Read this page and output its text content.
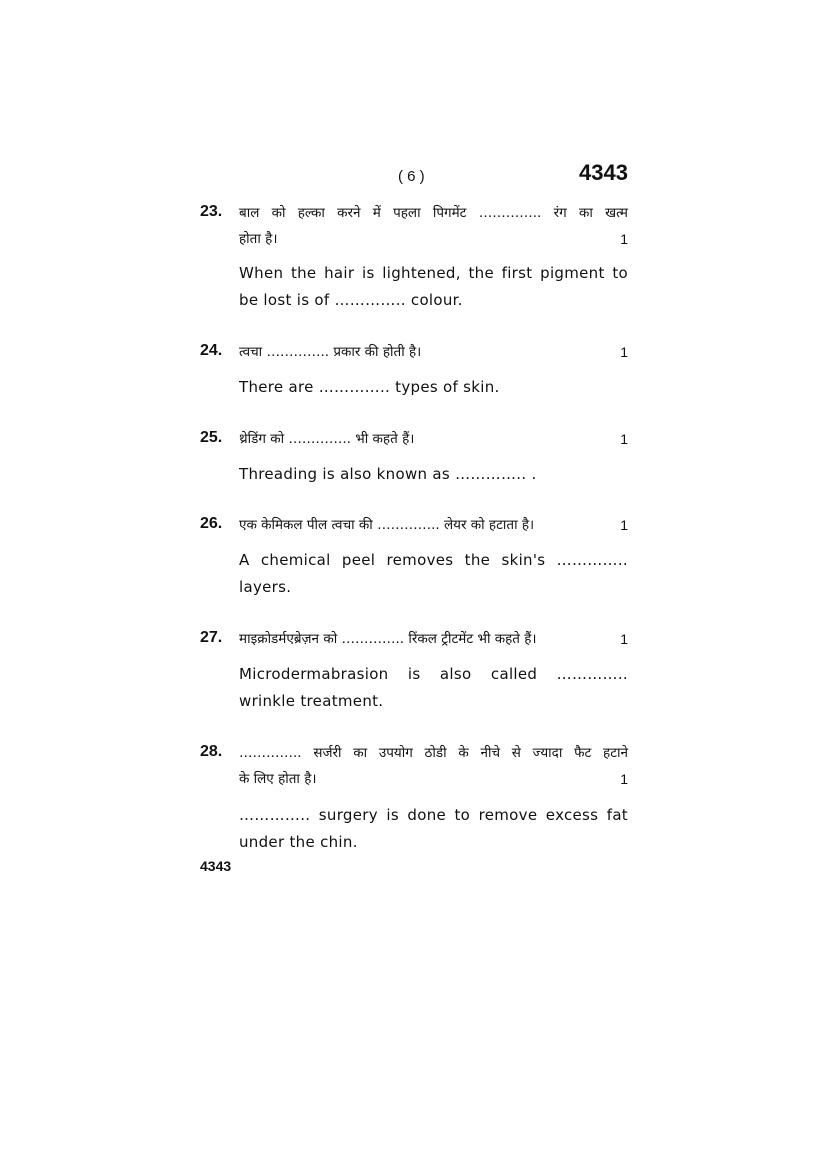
( 6 )	4343
23. बाल को हल्का करने में पहला पिगमेंट ………….. रंग का खत्म
होता है।	1
When the hair is lightened, the first pigment to
be lost is of ………….. colour.
24. त्वचा ………….. प्रकार की होती है।	1
There are ………….. types of skin.
25. थ्रेडिंग को ………….. भी कहते हैं।	1
Threading is also known as ………….. .
26. एक केमिकल पील त्वचा की ………….. लेयर को हटाता है।	1
A chemical peel removes the skin's …………..
layers.
27. माइक्रोडर्मएब्रेज़न को ………….. रिंकल ट्रीटमेंट भी कहते हैं।	1
Microdermabrasion is also called …………..
wrinkle treatment.
28. ………….. सर्जरी का उपयोग ठोडी के नीचे से ज्यादा फैट हटाने
के लिए होता है।	1
………….. surgery is done to remove excess fat
under the chin.
4343
